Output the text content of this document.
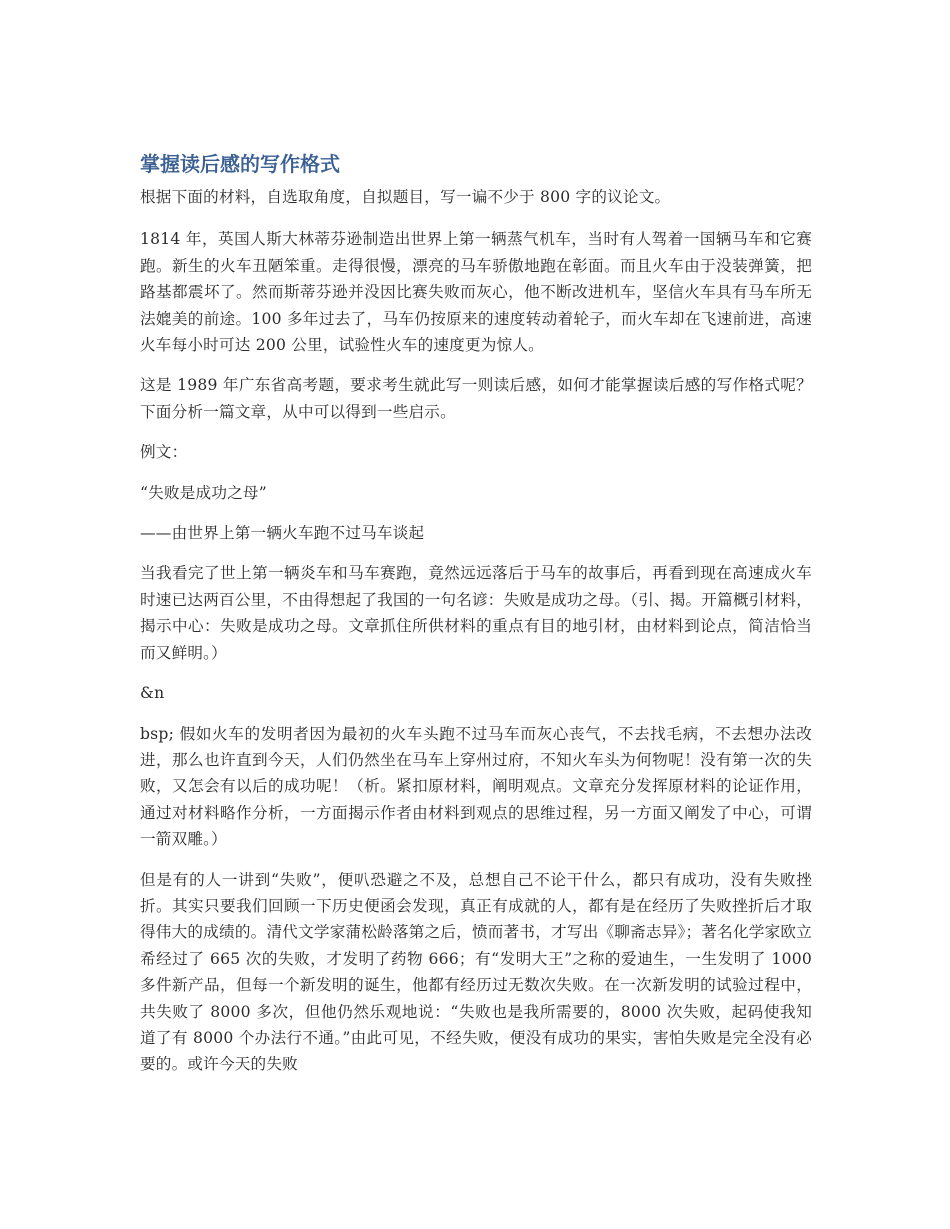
掌握读后感的写作格式

根据下面的材料，自选取角度，自拟题目，写一谝不少于 800 字的议论文。

1814 年，英国人斯大林蒂芬逊制造出世界上第一辆蒸气机车，当时有人驾着一国辆马车和它赛跑。新生的火车丑陋笨重。走得很慢，漂亮的马车骄傲地跑在彰面。而且火车由于没装弹簧，把路基都震坏了。然而斯蒂芬逊并没因比赛失败而灰心，他不断改进机车，坚信火车具有马车所无法媲美的前途。100 多年过去了，马车仍按原来的速度转动着轮子，而火车却在飞速前进，高速火车每小时可达 200 公里，试验性火车的速度更为惊人。

这是 1989 年广东省高考题，要求考生就此写一则读后感，如何才能掌握读后感的写作格式呢？下面分析一篇文章，从中可以得到一些启示。

例文：

“失败是成功之母”

——由世界上第一辆火车跑不过马车谈起

当我看完了世上第一辆炎车和马车赛跑，竟然远远落后于马车的故事后，再看到现在高速成火车时速已达两百公里，不由得想起了我国的一句名谚：失败是成功之母。（引、揭。开篇概引材料，揭示中心：失败是成功之母。文章抓住所供材料的重点有目的地引材，由材料到论点，简洁恰当而又鲜明。）

&n

bsp; 假如火车的发明者因为最初的火车头跑不过马车而灰心丧气，不去找毛病，不去想办法改进，那么也许直到今天，人们仍然坐在马车上穿州过府，不知火车头为何物呢！没有第一次的失败，又怎会有以后的成功呢！（析。紧扣原材料，阐明观点。文章充分发挥原材料的论证作用，通过对材料略作分析，一方面揭示作者由材料到观点的思维过程，另一方面又阐发了中心，可谓一箭双雕。）

但是有的人一讲到“失败”，便叭恐避之不及，总想自己不论干什么，都只有成功，没有失败挫折。其实只要我们回顾一下历史便函会发现，真正有成就的人，都有是在经历了失败挫折后才取得伟大的成绩的。清代文学家蒲松龄落第之后，愤而著书，才写出《聊斋志异》；著名化学家欧立希经过了 665 次的失败，才发明了药物 666；有“发明大王”之称的爱迪生，一生发明了 1000 多件新产品，但每一个新发明的诞生，他都有经历过无数次失败。在一次新发明的试验过程中，共失败了 8000 多次，但他仍然乐观地说：“失败也是我所需要的，8000 次失败，起码使我知道了有 8000 个办法行不通。”由此可见，不经失败，便没有成功的果实，害怕失败是完全没有必要的。或许今天的失败
